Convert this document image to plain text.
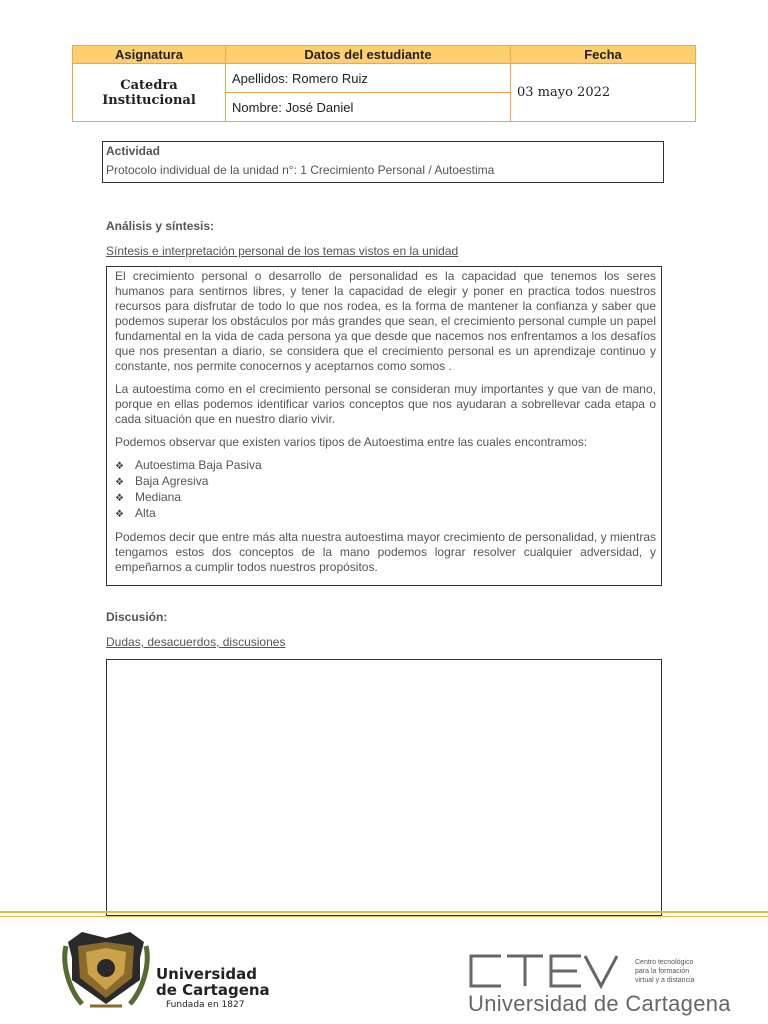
Asignatura	Datos del estudiante	Fecha

Catedra
Institucional	Apellidos: Romero Ruiz	03 mayo 2022
	Nombre: José Daniel	
Actividad
Protocolo individual de la unidad n°: 1 Crecimiento Personal / Autoestima
Análisis y síntesis:
Síntesis e interpretación personal de los temas vistos en la unidad

El crecimiento personal o desarrollo de personalidad es la capacidad que tenemos los seres humanos para sentirnos libres, y tener la capacidad de elegir y poner en practica todos nuestros recursos para disfrutar de todo lo que nos rodea, es la forma de mantener la confianza y saber que podemos superar los obstáculos por más grandes que sean, el crecimiento personal cumple un papel fundamental en la vida de cada persona ya que desde que nacemos nos enfrentamos a los desafíos que nos presentan a diario, se considera que el crecimiento personal es un aprendizaje continuo y constante, nos permite conocernos y aceptarnos como somos .

La autoestima como en el crecimiento personal se consideran muy importantes y que van de mano, porque en ellas podemos identificar varios conceptos que nos ayudaran a sobrellevar cada etapa o cada situación que en nuestro diario vivir.

Podemos observar que existen varios tipos de Autoestima entre las cuales encontramos:

❖ Autoestima Baja Pasiva
❖ Baja Agresiva
❖ Mediana
❖ Alta

Podemos decir que entre más alta nuestra autoestima mayor crecimiento de personalidad, y mientras tengamos estos dos conceptos de la mano podemos lograr resolver cualquier adversidad, y empeñarnos a cumplir todos nuestros propósitos.

Discusión:
Dudas, desacuerdos, discusiones
Universidad
de Cartagena
Fundada en 1827
Centro tecnológico
para la formación
virtual y a distancia
Universidad de Cartagena
